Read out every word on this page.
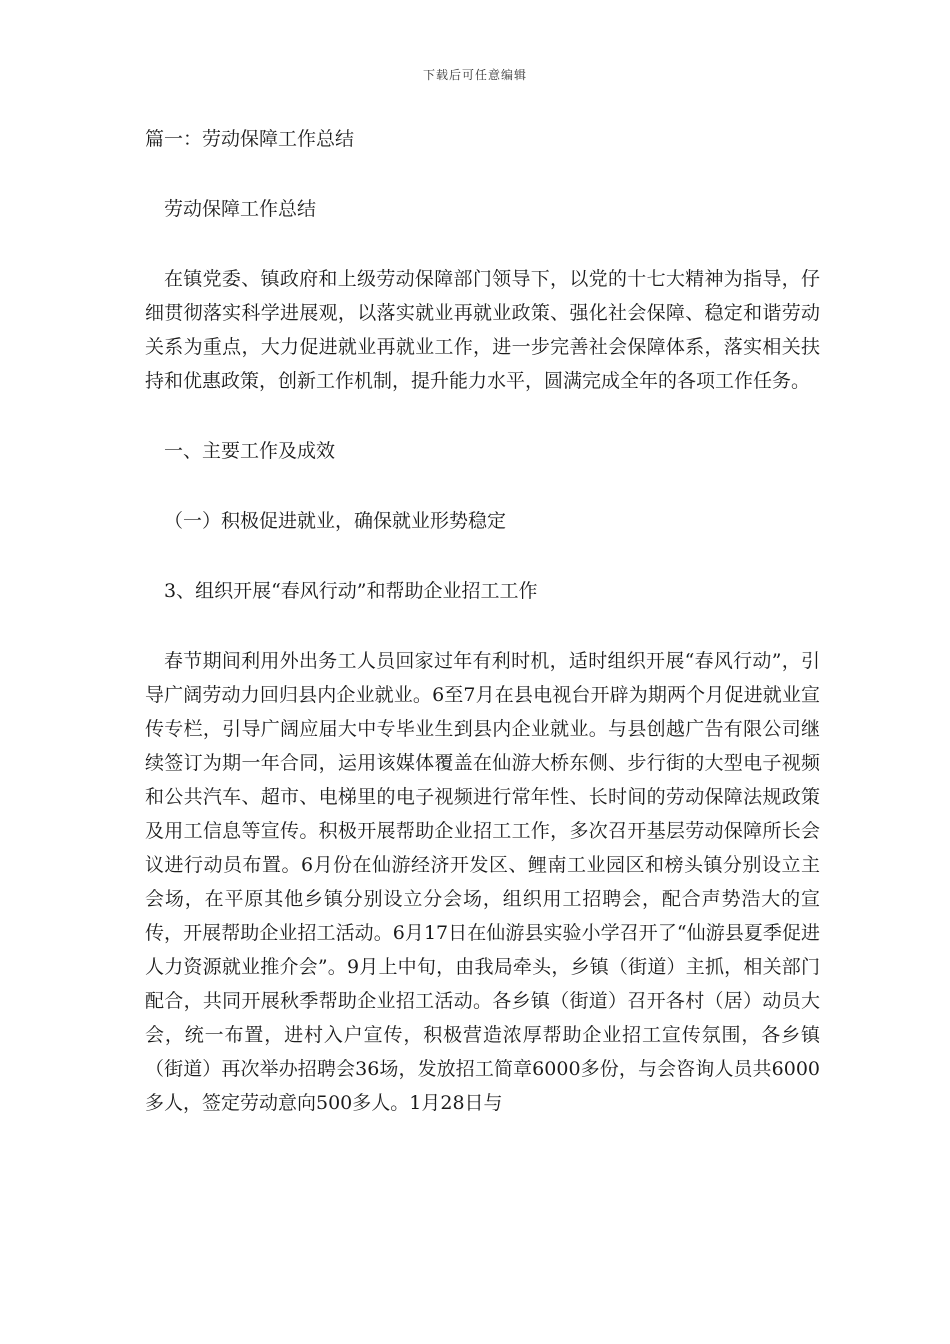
下载后可任意编辑
篇一：劳动保障工作总结
劳动保障工作总结
在镇党委、镇政府和上级劳动保障部门领导下，以党的十七大精神为指导，仔细贯彻落实科学进展观，以落实就业再就业政策、强化社会保障、稳定和谐劳动关系为重点，大力促进就业再就业工作，进一步完善社会保障体系，落实相关扶持和优惠政策，创新工作机制，提升能力水平，圆满完成全年的各项工作任务。
一、主要工作及成效
（一）积极促进就业，确保就业形势稳定
3、组织开展“春风行动”和帮助企业招工工作
春节期间利用外出务工人员回家过年有利时机，适时组织开展“春风行动”，引导广阔劳动力回归县内企业就业。6至7月在县电视台开辟为期两个月促进就业宣传专栏，引导广阔应届大中专毕业生到县内企业就业。与县创越广告有限公司继续签订为期一年合同，运用该媒体覆盖在仙游大桥东侧、步行街的大型电子视频和公共汽车、超市、电梯里的电子视频进行常年性、长时间的劳动保障法规政策及用工信息等宣传。积极开展帮助企业招工工作，多次召开基层劳动保障所长会议进行动员布置。6月份在仙游经济开发区、鲤南工业园区和榜头镇分别设立主会场，在平原其他乡镇分别设立分会场，组织用工招聘会，配合声势浩大的宣传，开展帮助企业招工活动。6月17日在仙游县实验小学召开了“仙游县夏季促进人力资源就业推介会”。9月上中旬，由我局牵头，乡镇（街道）主抓，相关部门配合，共同开展秋季帮助企业招工活动。各乡镇（街道）召开各村（居）动员大会，统一布置，进村入户宣传，积极营造浓厚帮助企业招工宣传氛围，各乡镇（街道）再次举办招聘会36场，发放招工简章6000多份，与会咨询人员共6000多人，签定劳动意向500多人。1月28日与
